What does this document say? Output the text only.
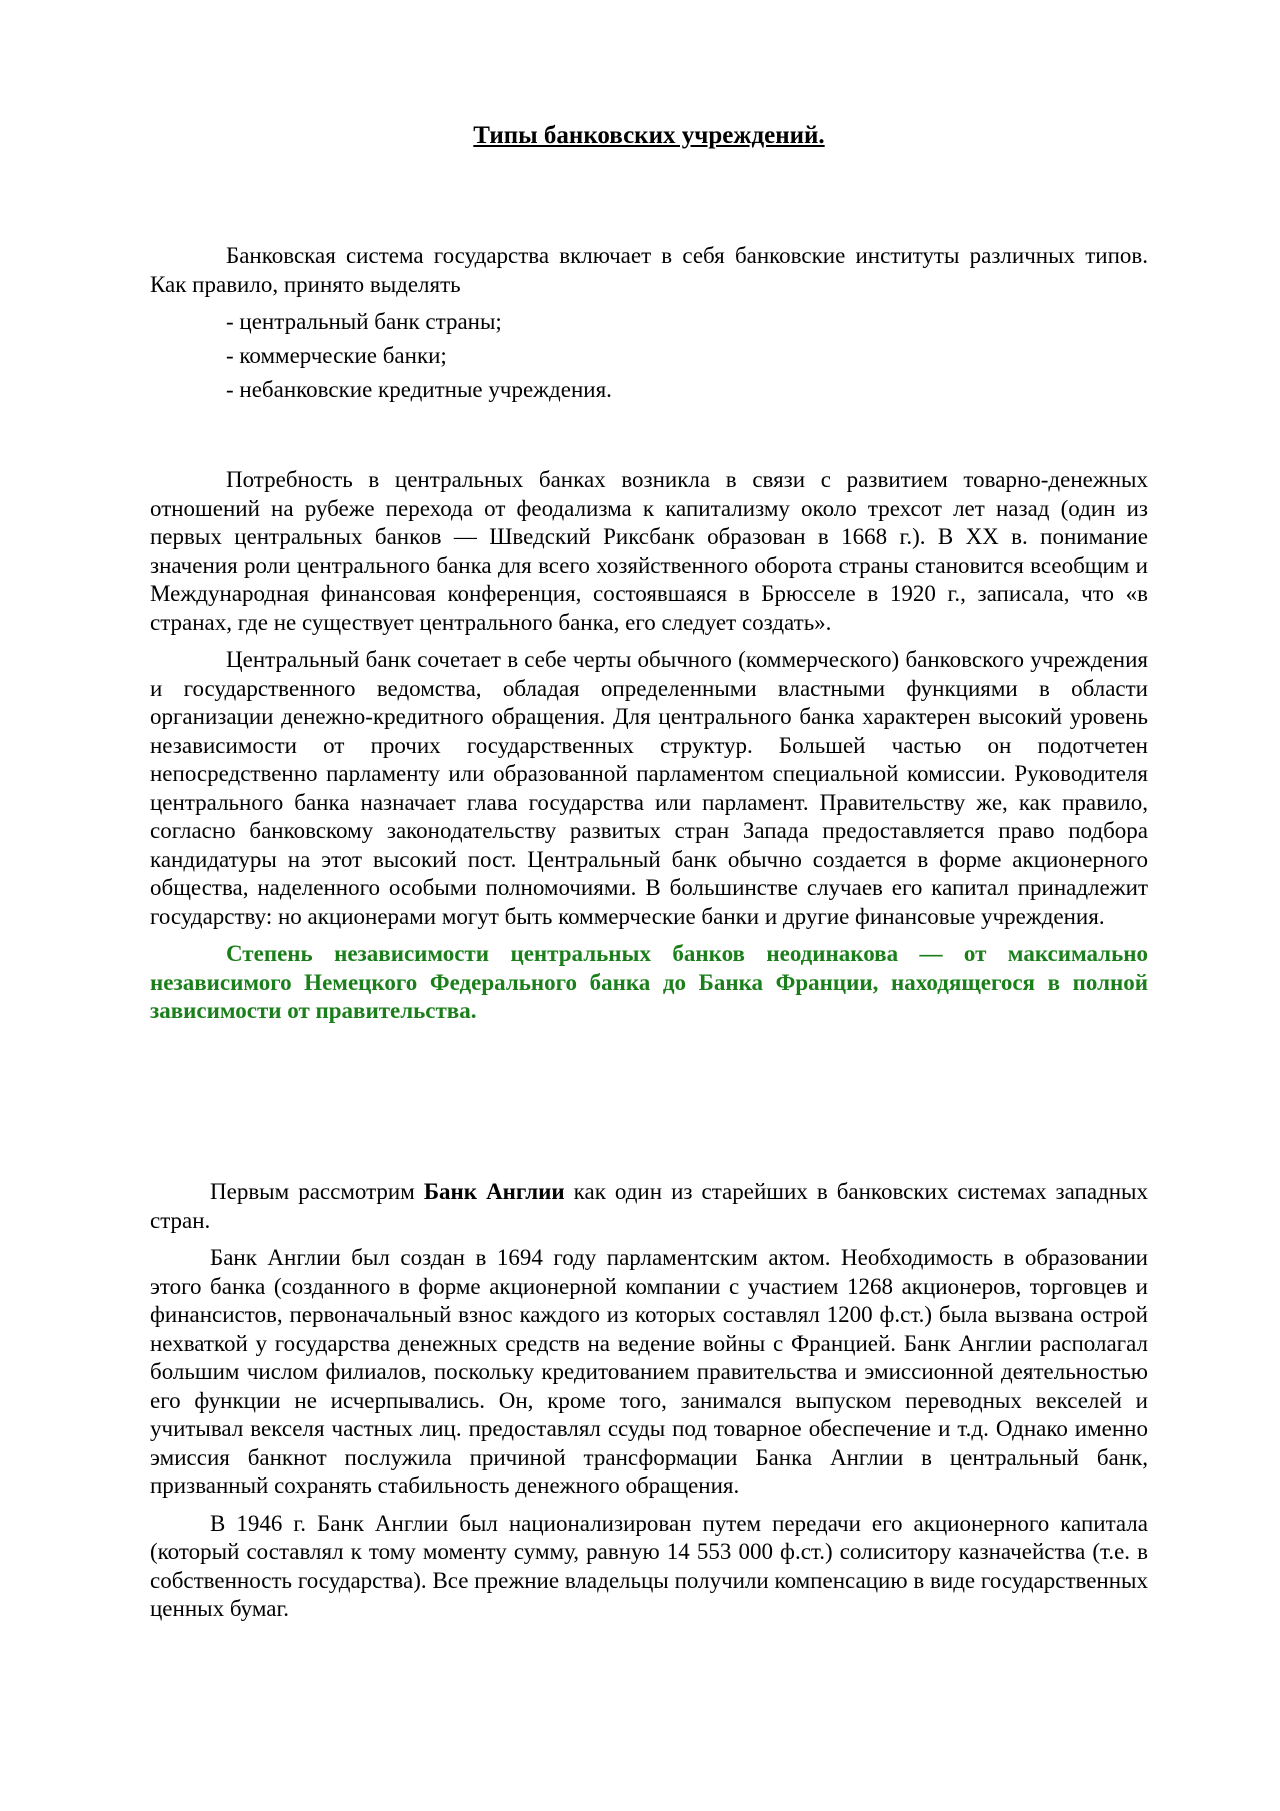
Типы банковских учреждений.

Банковская система государства включает в себя банковские институты различных типов. Как правило, принято выделять

- центральный банк страны;
- коммерческие банки;
- небанковские кредитные учреждения.

Потребность в центральных банках возникла в связи с развитием товарно-денежных отношений на рубеже перехода от феодализма к капитализму около трехсот лет назад (один из первых центральных банков — Шведский Риксбанк образован в 1668 г.). В XX в. понимание значения роли центрального банка для всего хозяйственного оборота страны становится всеобщим и Международная финансовая конференция, состоявшаяся в Брюсселе в 1920 г., записала, что «в странах, где не существует центрального банка, его следует создать».

Центральный банк сочетает в себе черты обычного (коммерческого) банковского учреждения и государственного ведомства, обладая определенными властными функциями в области организации денежно-кредитного обращения. Для центрального банка характерен высокий уровень независимости от прочих государственных структур. Большей частью он подотчетен непосредственно парламенту или образованной парламентом специальной комиссии. Руководителя центрального банка назначает глава государства или парламент. Правительству же, как правило, согласно банковскому законодательству развитых стран Запада предоставляется право подбора кандидатуры на этот высокий пост. Центральный банк обычно создается в форме акционерного общества, наделенного особыми полномочиями. В большинстве случаев его капитал принадлежит государству: но акционерами могут быть коммерческие банки и другие финансовые учреждения.

Степень независимости центральных банков неодинакова — от максимально независимого Немецкого Федерального банка до Банка Франции, находящегося в полной зависимости от правительства.

Первым рассмотрим Банк Англии как один из старейших в банковских системах западных стран.

Банк Англии был создан в 1694 году парламентским актом. Необходимость в образовании этого банка (созданного в форме акционерной компании с участием 1268 акционеров, торговцев и финансистов, первоначальный взнос каждого из которых составлял 1200 ф.ст.) была вызвана острой нехваткой у государства денежных средств на ведение войны с Францией. Банк Англии располагал большим числом филиалов, поскольку кредитованием правительства и эмиссионной деятельностью его функции не исчерпывались. Он, кроме того, занимался выпуском переводных векселей и учитывал векселя частных лиц. предоставлял ссуды под товарное обеспечение и т.д. Однако именно эмиссия банкнот послужила причиной трансформации Банка Англии в центральный банк, призванный сохранять стабильность денежного обращения.

В 1946 г. Банк Англии был национализирован путем передачи его акционерного капитала (который составлял к тому моменту сумму, равную 14 553 000 ф.ст.) солиситору казначейства (т.е. в собственность государства). Все прежние владельцы получили компенсацию в виде государственных ценных бумаг.
